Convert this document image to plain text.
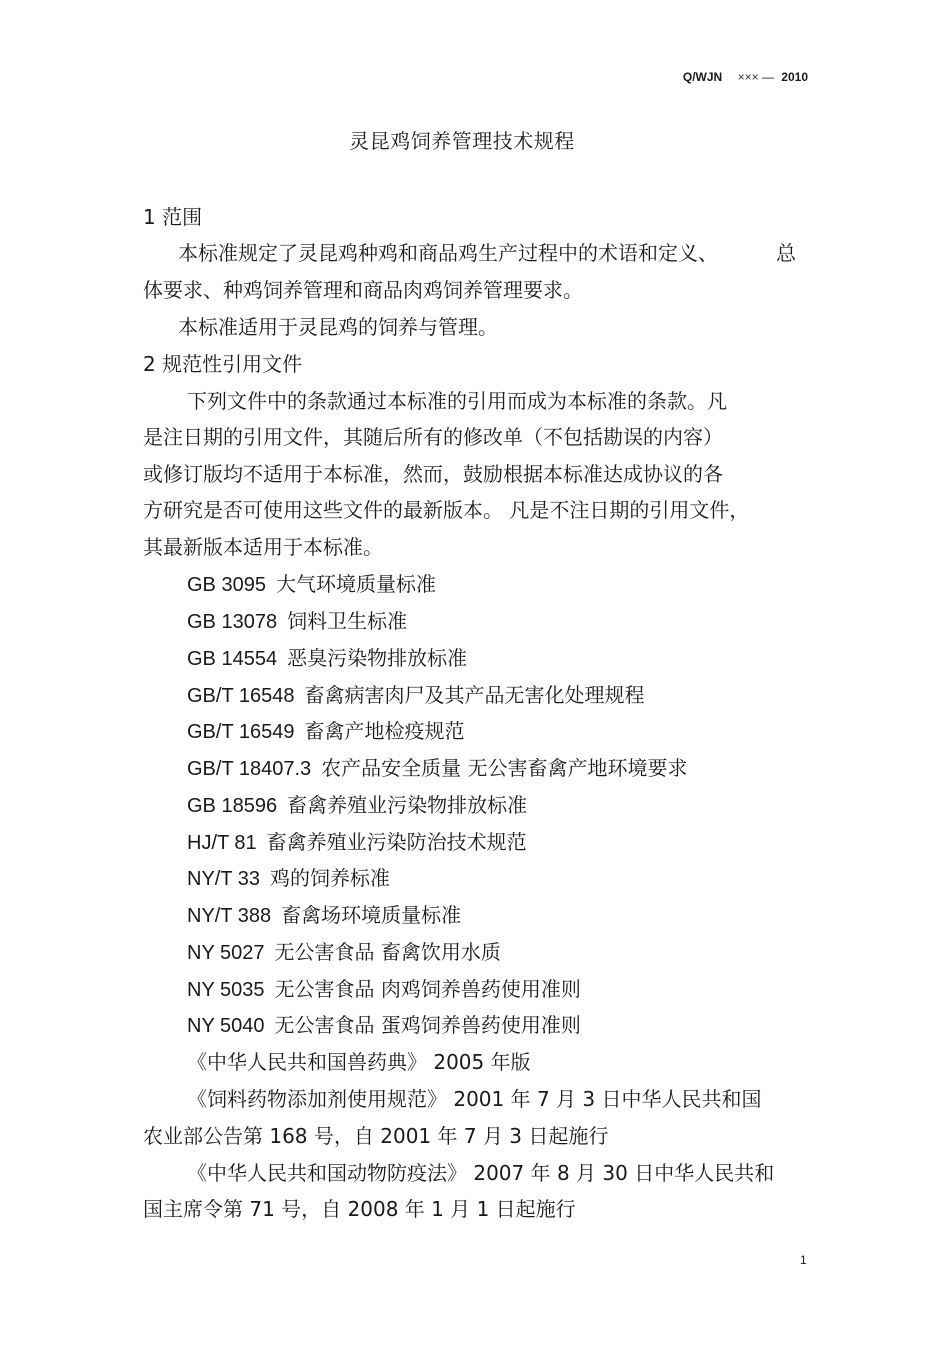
Q/WJN ××× — 2010
灵昆鸡饲养管理技术规程
1 范围
本标准规定了灵昆鸡种鸡和商品鸡生产过程中的术语和定义、	总
体要求、种鸡饲养管理和商品肉鸡饲养管理要求。
本标准适用于灵昆鸡的饲养与管理。
2 规范性引用文件
下列文件中的条款通过本标准的引用而成为本标准的条款。凡
是注日期的引用文件，其随后所有的修改单（不包括勘误的内容）
或修订版均不适用于本标准，然而，鼓励根据本标准达成协议的各
方研究是否可使用这些文件的最新版本。 凡是不注日期的引用文件，
其最新版本适用于本标准。
GB 3095 大气环境质量标准
GB 13078 饲料卫生标准
GB 14554 恶臭污染物排放标准
GB/T 16548 畜禽病害肉尸及其产品无害化处理规程
GB/T 16549 畜禽产地检疫规范
GB/T 18407.3 农产品安全质量 无公害畜禽产地环境要求
GB 18596 畜禽养殖业污染物排放标准
HJ/T 81 畜禽养殖业污染防治技术规范
NY/T 33 鸡的饲养标准
NY/T 388 畜禽场环境质量标准
NY 5027 无公害食品 畜禽饮用水质
NY 5035 无公害食品 肉鸡饲养兽药使用准则
NY 5040 无公害食品 蛋鸡饲养兽药使用准则
《中华人民共和国兽药典》 2005 年版
《饲料药物添加剂使用规范》 2001 年 7 月 3 日中华人民共和国
农业部公告第 168 号，自 2001 年 7 月 3 日起施行
《中华人民共和国动物防疫法》 2007 年 8 月 30 日中华人民共和
国主席令第 71 号，自 2008 年 1 月 1 日起施行
1
